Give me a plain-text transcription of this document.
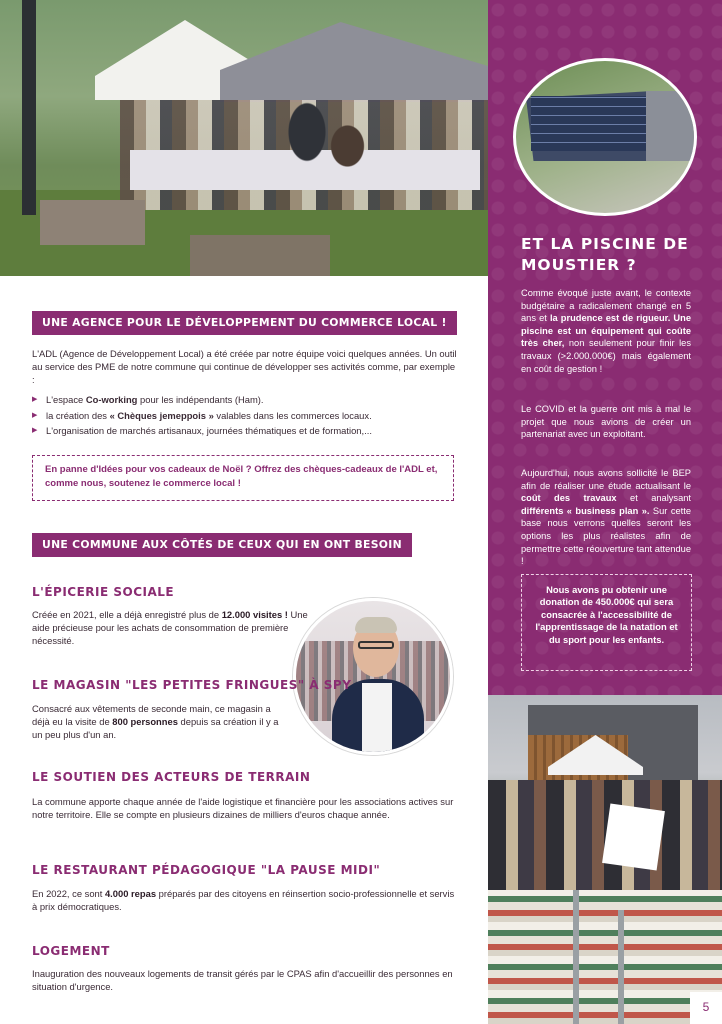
ET LA PISCINE DE MOUSTIER ?
Comme évoqué juste avant, le contexte budgétaire a radicalement changé en 5 ans et la prudence est de rigueur. Une piscine est un équipement qui coûte très cher, non seulement pour finir les travaux (>2.000.000€) mais également en coût de gestion !
Le COVID et la guerre ont mis à mal le projet que nous avions de créer un partenariat avec un exploitant.
Aujourd'hui, nous avons sollicité le BEP afin de réaliser une étude actualisant le coût des travaux et analysant différents « business plan ». Sur cette base nous verrons quelles seront les options les plus réalistes afin de permettre cette réouverture tant attendue !
Nous avons pu obtenir une donation de 450.000€ qui sera consacrée à l'accessibilité de l'apprentissage de la natation et du sport pour les enfants.
5
UNE AGENCE POUR LE DÉVELOPPEMENT DU COMMERCE LOCAL !
L'ADL (Agence de Développement Local) a été créée par notre équipe voici quelques années. Un outil au service des PME de notre commune qui continue de développer ses activités comme, par exemple :
▶ L'espace Co-working pour les indépendants (Ham).
▶ la création des « Chèques jemeppois » valables dans les commerces locaux.
▶ L'organisation de marchés artisanaux, journées thématiques et de formation,...
En panne d'Idées pour vos cadeaux de Noël ? Offrez des chèques-cadeaux de l'ADL et, comme nous, soutenez le commerce local !
UNE COMMUNE AUX CÔTÉS DE CEUX QUI EN ONT BESOIN
L'ÉPICERIE SOCIALE
Créée en 2021, elle a déjà enregistré plus de 12.000 visites ! Une aide précieuse pour les achats de consommation de première nécessité.
LE MAGASIN "LES PETITES FRINGUES" À SPY
Consacré aux vêtements de seconde main, ce magasin a déjà eu la visite de 800 personnes depuis sa création il y a un peu plus d'un an.
LE SOUTIEN DES ACTEURS DE TERRAIN
La commune apporte chaque année de l'aide logistique et financière pour les associations actives sur notre territoire. Elle se compte en plusieurs dizaines de milliers d'euros chaque année.
LE RESTAURANT PÉDAGOGIQUE "LA PAUSE MIDI"
En 2022, ce sont 4.000 repas préparés par des citoyens en réinsertion socio-professionnelle et servis à prix démocratiques.
LOGEMENT
Inauguration des nouveaux logements de transit gérés par le CPAS afin d'accueillir des personnes en situation d'urgence.
